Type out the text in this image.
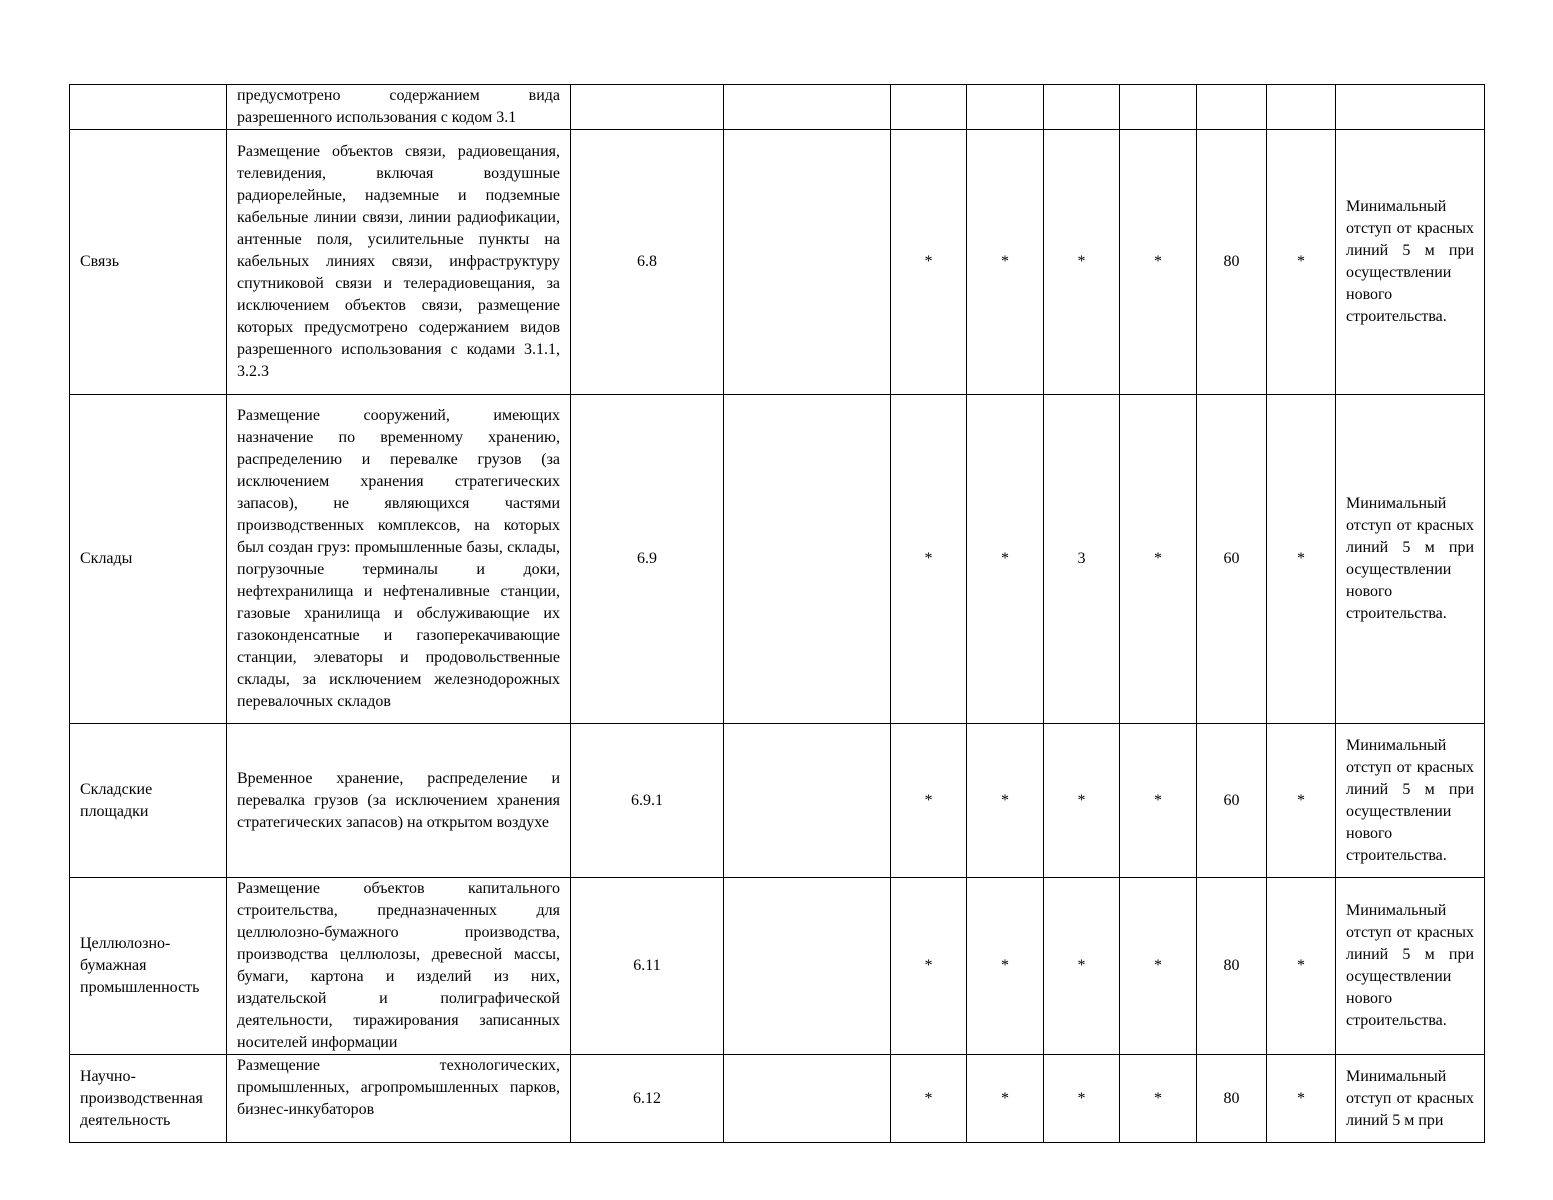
	предусмотрено содержанием вида разрешенного использования с кодом 3.1									
Связь	Размещение объектов связи, радиовещания, телевидения, включая воздушные радиорелейные, надземные и подземные кабельные линии связи, линии радиофикации, антенные поля, усилительные пункты на кабельных линиях связи, инфраструктуру спутниковой связи и телерадиовещания, за исключением объектов связи, размещение которых предусмотрено содержанием видов разрешенного использования с кодами 3.1.1, 3.2.3	6.8		*	*	*	*	80	*	Минимальный отступ от красных линий 5 м при осуществлении нового строительства.
Склады	Размещение сооружений, имеющих назначение по временному хранению, распределению и перевалке грузов (за исключением хранения стратегических запасов), не являющихся частями производственных комплексов, на которых был создан груз: промышленные базы, склады, погрузочные терминалы и доки, нефтехранилища и нефтеналивные станции, газовые хранилища и обслуживающие их газоконденсатные и газоперекачивающие станции, элеваторы и продовольственные склады, за исключением железнодорожных перевалочных складов	6.9		*	*	3	*	60	*	Минимальный отступ от красных линий 5 м при осуществлении нового строительства.
Складские площадки	Временное хранение, распределение и перевалка грузов (за исключением хранения стратегических запасов) на открытом воздухе	6.9.1		*	*	*	*	60	*	Минимальный отступ от красных линий 5 м при осуществлении нового строительства.
Целлюлозно-бумажная промышленность	Размещение объектов капитального строительства, предназначенных для целлюлозно-бумажного производства, производства целлюлозы, древесной массы, бумаги, картона и изделий из них, издательской и полиграфической деятельности, тиражирования записанных носителей информации	6.11		*	*	*	*	80	*	Минимальный отступ от красных линий 5 м при осуществлении нового строительства.
Научно-производственная деятельность	Размещение технологических, промышленных, агропромышленных парков, бизнес-инкубаторов	6.12		*	*	*	*	80	*	Минимальный отступ от красных линий 5 м при
